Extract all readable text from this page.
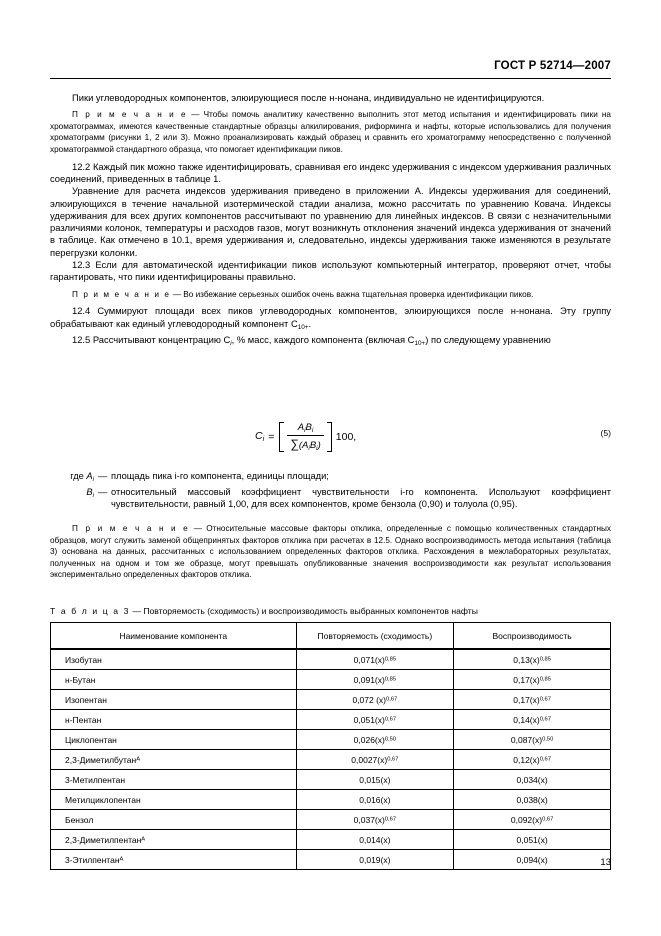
ГОСТ Р 52714—2007

Пики углеводородных компонентов, элюирующиеся после н-нонана, индивидуально не идентифицируются.

П р и м е ч а н и е — Чтобы помочь аналитику качественно выполнить этот метод испытания и идентифицировать пики на хроматограммах, имеются качественные стандартные образцы алкилирования, риформинга и нафты, которые использовались для получения хроматограмм (рисунки 1, 2 или 3). Можно проанализировать каждый образец и сравнить его хроматограмму непосредственно с полученной хроматограммой стандартного образца, что помогает идентификации пиков.

12.2 Каждый пик можно также идентифицировать, сравнивая его индекс удерживания с индексом удерживания различных соединений, приведенных в таблице 1.

Уравнение для расчета индексов удерживания приведено в приложении А. Индексы удерживания для соединений, элюирующихся в течение начальной изотермической стадии анализа, можно рассчитать по уравнению Ковача. Индексы удерживания для всех других компонентов рассчитывают по уравнению для линейных индексов. В связи с незначительными различиями колонок, температуры и расходов газов, могут возникнуть отклонения значений индекса удерживания от значений в таблице. Как отмечено в 10.1, время удерживания и, следовательно, индексы удерживания также изменяются в результате перегрузки колонки.

12.3 Если для автоматической идентификации пиков используют компьютерный интегратор, проверяют отчет, чтобы гарантировать, что пики идентифицированы правильно.

П р и м е ч а н и е — Во избежание серьезных ошибок очень важна тщательная проверка идентификации пиков.

12.4 Суммируют площади всех пиков углеводородных компонентов, элюирующихся после н-нонана. Эту группу обрабатывают как единый углеводородный компонент $C_{10+}$.

12.5 Рассчитывают концентрацию $C_i$, % масс, каждого компонента (включая $C_{10+}$) по следующему уравнению

$C_i = \frac{A_iB_i}{\sum(A_iB_i)} 100$,	(5)
где $A_i$ — площадь пика i-го компонента, единицы площади;
$B_i$ — относительный массовый коэффициент чувствительности i-го компонента. Используют коэффициент чувствительности, равный 1,00, для всех компонентов, кроме бензола (0,90) и толуола (0,95).

П р и м е ч а н и е — Относительные массовые факторы отклика, определенные с помощью количественных стандартных образцов, могут служить заменой общепринятых факторов отклика при расчетах в 12.5. Однако воспроизводимость метода испытания (таблица 3) основана на данных, рассчитанных с использованием определенных факторов отклика. Расхождения в межлабораторных результатах, полученных на одном и том же образце, могут превышать опубликованные значения воспроизводимости как результат использования экспериментально определенных факторов отклика.

Т а б л и ц а 3 — Повторяемость (сходимость) и воспроизводимость выбранных компонентов нафты
Наименование компонента	Повторяемость (сходимость)	Воспроизводимость
Изобутан	$0,071(x)^{0,85}$	$0,13(x)^{0,85}$
н-Бутан	$0,091(x)^{0,85}$	$0,17(x)^{0,85}$
Изопентан	0,072 $(x)^{0,67}$	$0,17(x)^{0,67}$
н-Пентан	$0,051(x)^{0,67}$	$0,14(x)^{0,67}$
Циклопентан	$0,026(x)^{0,50}$	$0,087(x)^{0,50}$
2,3-Диметилбутан$^А$	$0,0027(x)^{0,67}$	$0,12(x)^{0,67}$
3-Метилпентан	0,015(x)	0,034(x)
Метилциклопентан	0,016(x)	0,038(x)
Бензол	$0,037(x)^{0,67}$	$0,092(x)^{0,67}$
2,3-Диметилпентан$^А$	0,014(x)	0,051(x)
3-Этилпентан$^А$	0,019(x)	0,094(x)	13
